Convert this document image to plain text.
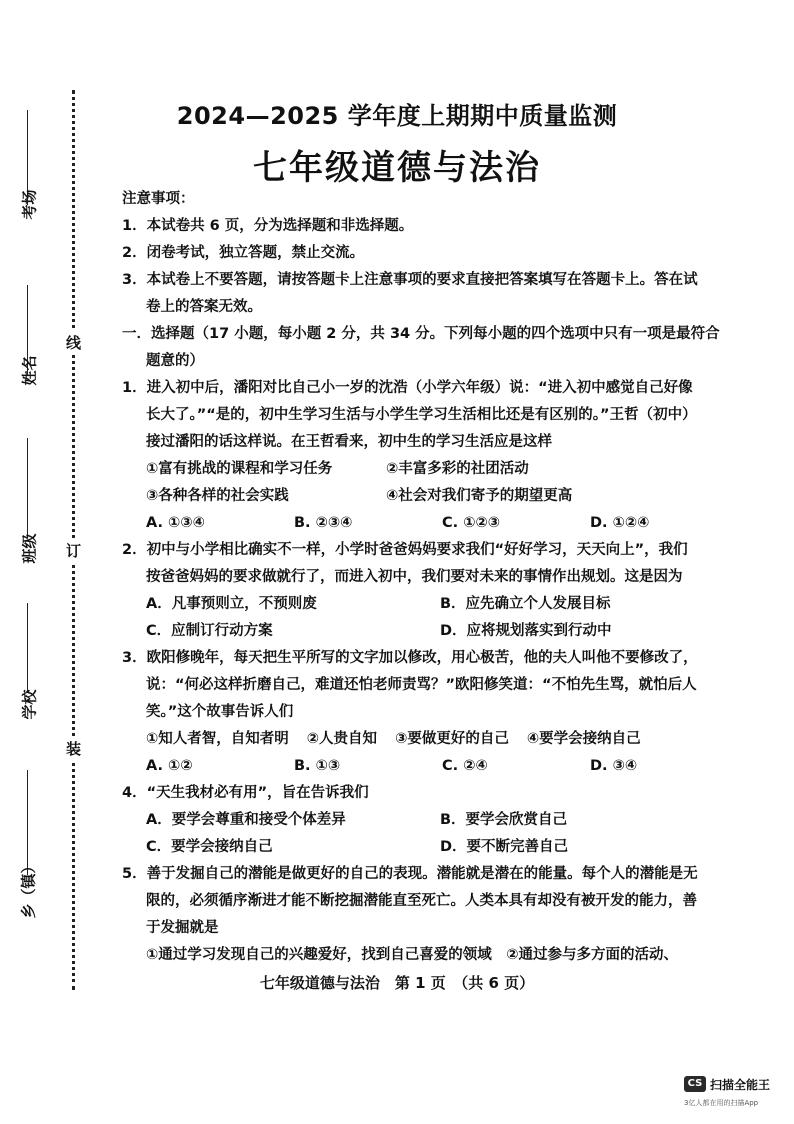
考场
姓名
班级
学校
乡（镇）
线
订
装
2024—2025 学年度上期期中质量监测
七年级道德与法治
注意事项：
1．本试卷共 6 页，分为选择题和非选择题。
2．闭卷考试，独立答题，禁止交流。
3．本试卷上不要答题，请按答题卡上注意事项的要求直接把答案填写在答题卡上。答在试
卷上的答案无效。
一．选择题（17 小题，每小题 2 分，共 34 分。下列每小题的四个选项中只有一项是最符合
题意的）
1．进入初中后，潘阳对比自己小一岁的沈浩（小学六年级）说：“进入初中感觉自己好像
长大了。”“是的，初中生学习生活与小学生学习生活相比还是有区别的。”王哲（初中）
接过潘阳的话这样说。在王哲看来，初中生的学习生活应是这样
①富有挑战的课程和学习任务	②丰富多彩的社团活动
③各种各样的社会实践	④社会对我们寄予的期望更高
A. ①③④	B. ②③④	C. ①②③	D. ①②④
2．初中与小学相比确实不一样，小学时爸爸妈妈要求我们“好好学习，天天向上”，我们
按爸爸妈妈的要求做就行了，而进入初中，我们要对未来的事情作出规划。这是因为
A．凡事预则立，不预则废	B．应先确立个人发展目标
C．应制订行动方案	D．应将规划落实到行动中
3．欧阳修晚年，每天把生平所写的文字加以修改，用心极苦，他的夫人叫他不要修改了，
说：“何必这样折磨自己，难道还怕老师责骂？”欧阳修笑道：“不怕先生骂，就怕后人
笑。”这个故事告诉人们
①知人者智，自知者明 ②人贵自知 ③要做更好的自己 ④要学会接纳自己
A. ①②	B. ①③	C. ②④	D. ③④
4．“天生我材必有用”，旨在告诉我们
A．要学会尊重和接受个体差异	B．要学会欣赏自己
C．要学会接纳自己	D．要不断完善自己
5．善于发掘自己的潜能是做更好的自己的表现。潜能就是潜在的能量。每个人的潜能是无
限的，必须循序渐进才能不断挖掘潜能直至死亡。人类本具有却没有被开发的能力，善
于发掘就是
①通过学习发现自己的兴趣爱好，找到自己喜爱的领域　②通过参与多方面的活动、
七年级道德与法治　第 1 页　（共 6 页）
CS 扫描全能王
3亿人都在用的扫描App
